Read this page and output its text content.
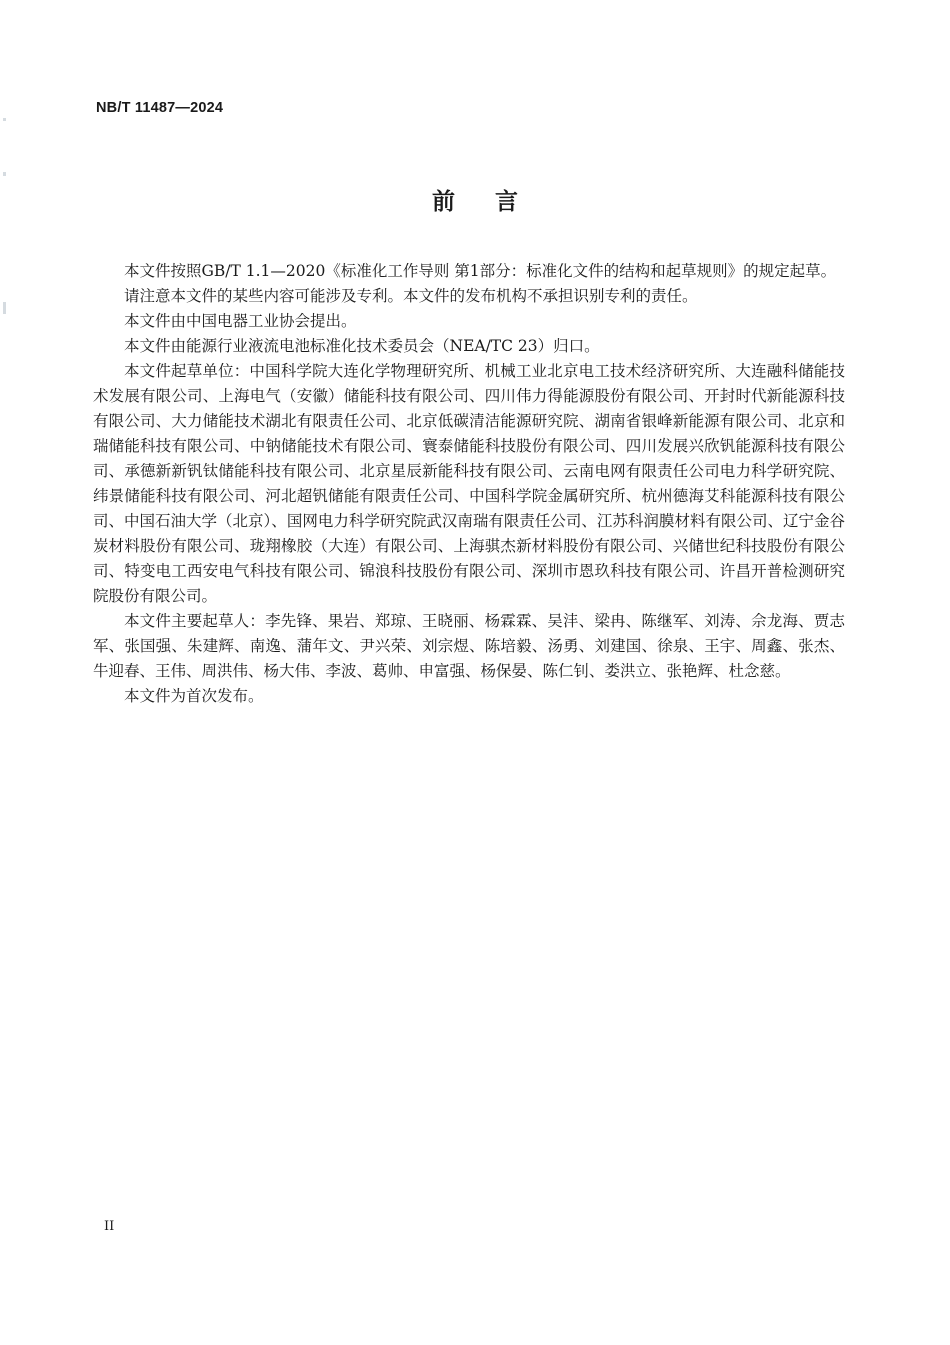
NB/T 11487—2024
前言

本文件按照GB/T 1.1—2020《标准化工作导则 第1部分：标准化文件的结构和起草规则》的规定起草。

请注意本文件的某些内容可能涉及专利。本文件的发布机构不承担识别专利的责任。

本文件由中国电器工业协会提出。

本文件由能源行业液流电池标准化技术委员会（NEA/TC 23）归口。

本文件起草单位：中国科学院大连化学物理研究所、机械工业北京电工技术经济研究所、大连融科储能技术发展有限公司、上海电气（安徽）储能科技有限公司、四川伟力得能源股份有限公司、开封时代新能源科技有限公司、大力储能技术湖北有限责任公司、北京低碳清洁能源研究院、湖南省银峰新能源有限公司、北京和瑞储能科技有限公司、中钠储能技术有限公司、寰泰储能科技股份有限公司、四川发展兴欣钒能源科技有限公司、承德新新钒钛储能科技有限公司、北京星辰新能科技有限公司、云南电网有限责任公司电力科学研究院、纬景储能科技有限公司、河北超钒储能有限责任公司、中国科学院金属研究所、杭州德海艾科能源科技有限公司、中国石油大学（北京）、国网电力科学研究院武汉南瑞有限责任公司、江苏科润膜材料有限公司、辽宁金谷炭材料股份有限公司、珑翔橡胶（大连）有限公司、上海骐杰新材料股份有限公司、兴储世纪科技股份有限公司、特变电工西安电气科技有限公司、锦浪科技股份有限公司、深圳市恩玖科技有限公司、许昌开普检测研究院股份有限公司。

本文件主要起草人：李先锋、果岩、郑琼、王晓丽、杨霖霖、吴沣、梁冉、陈继军、刘涛、佘龙海、贾志军、张国强、朱建辉、南逸、蒲年文、尹兴荣、刘宗煜、陈培毅、汤勇、刘建国、徐泉、王宇、周鑫、张杰、牛迎春、王伟、周洪伟、杨大伟、李波、葛帅、申富强、杨保晏、陈仁钊、娄洪立、张艳辉、杜念慈。

本文件为首次发布。

II
